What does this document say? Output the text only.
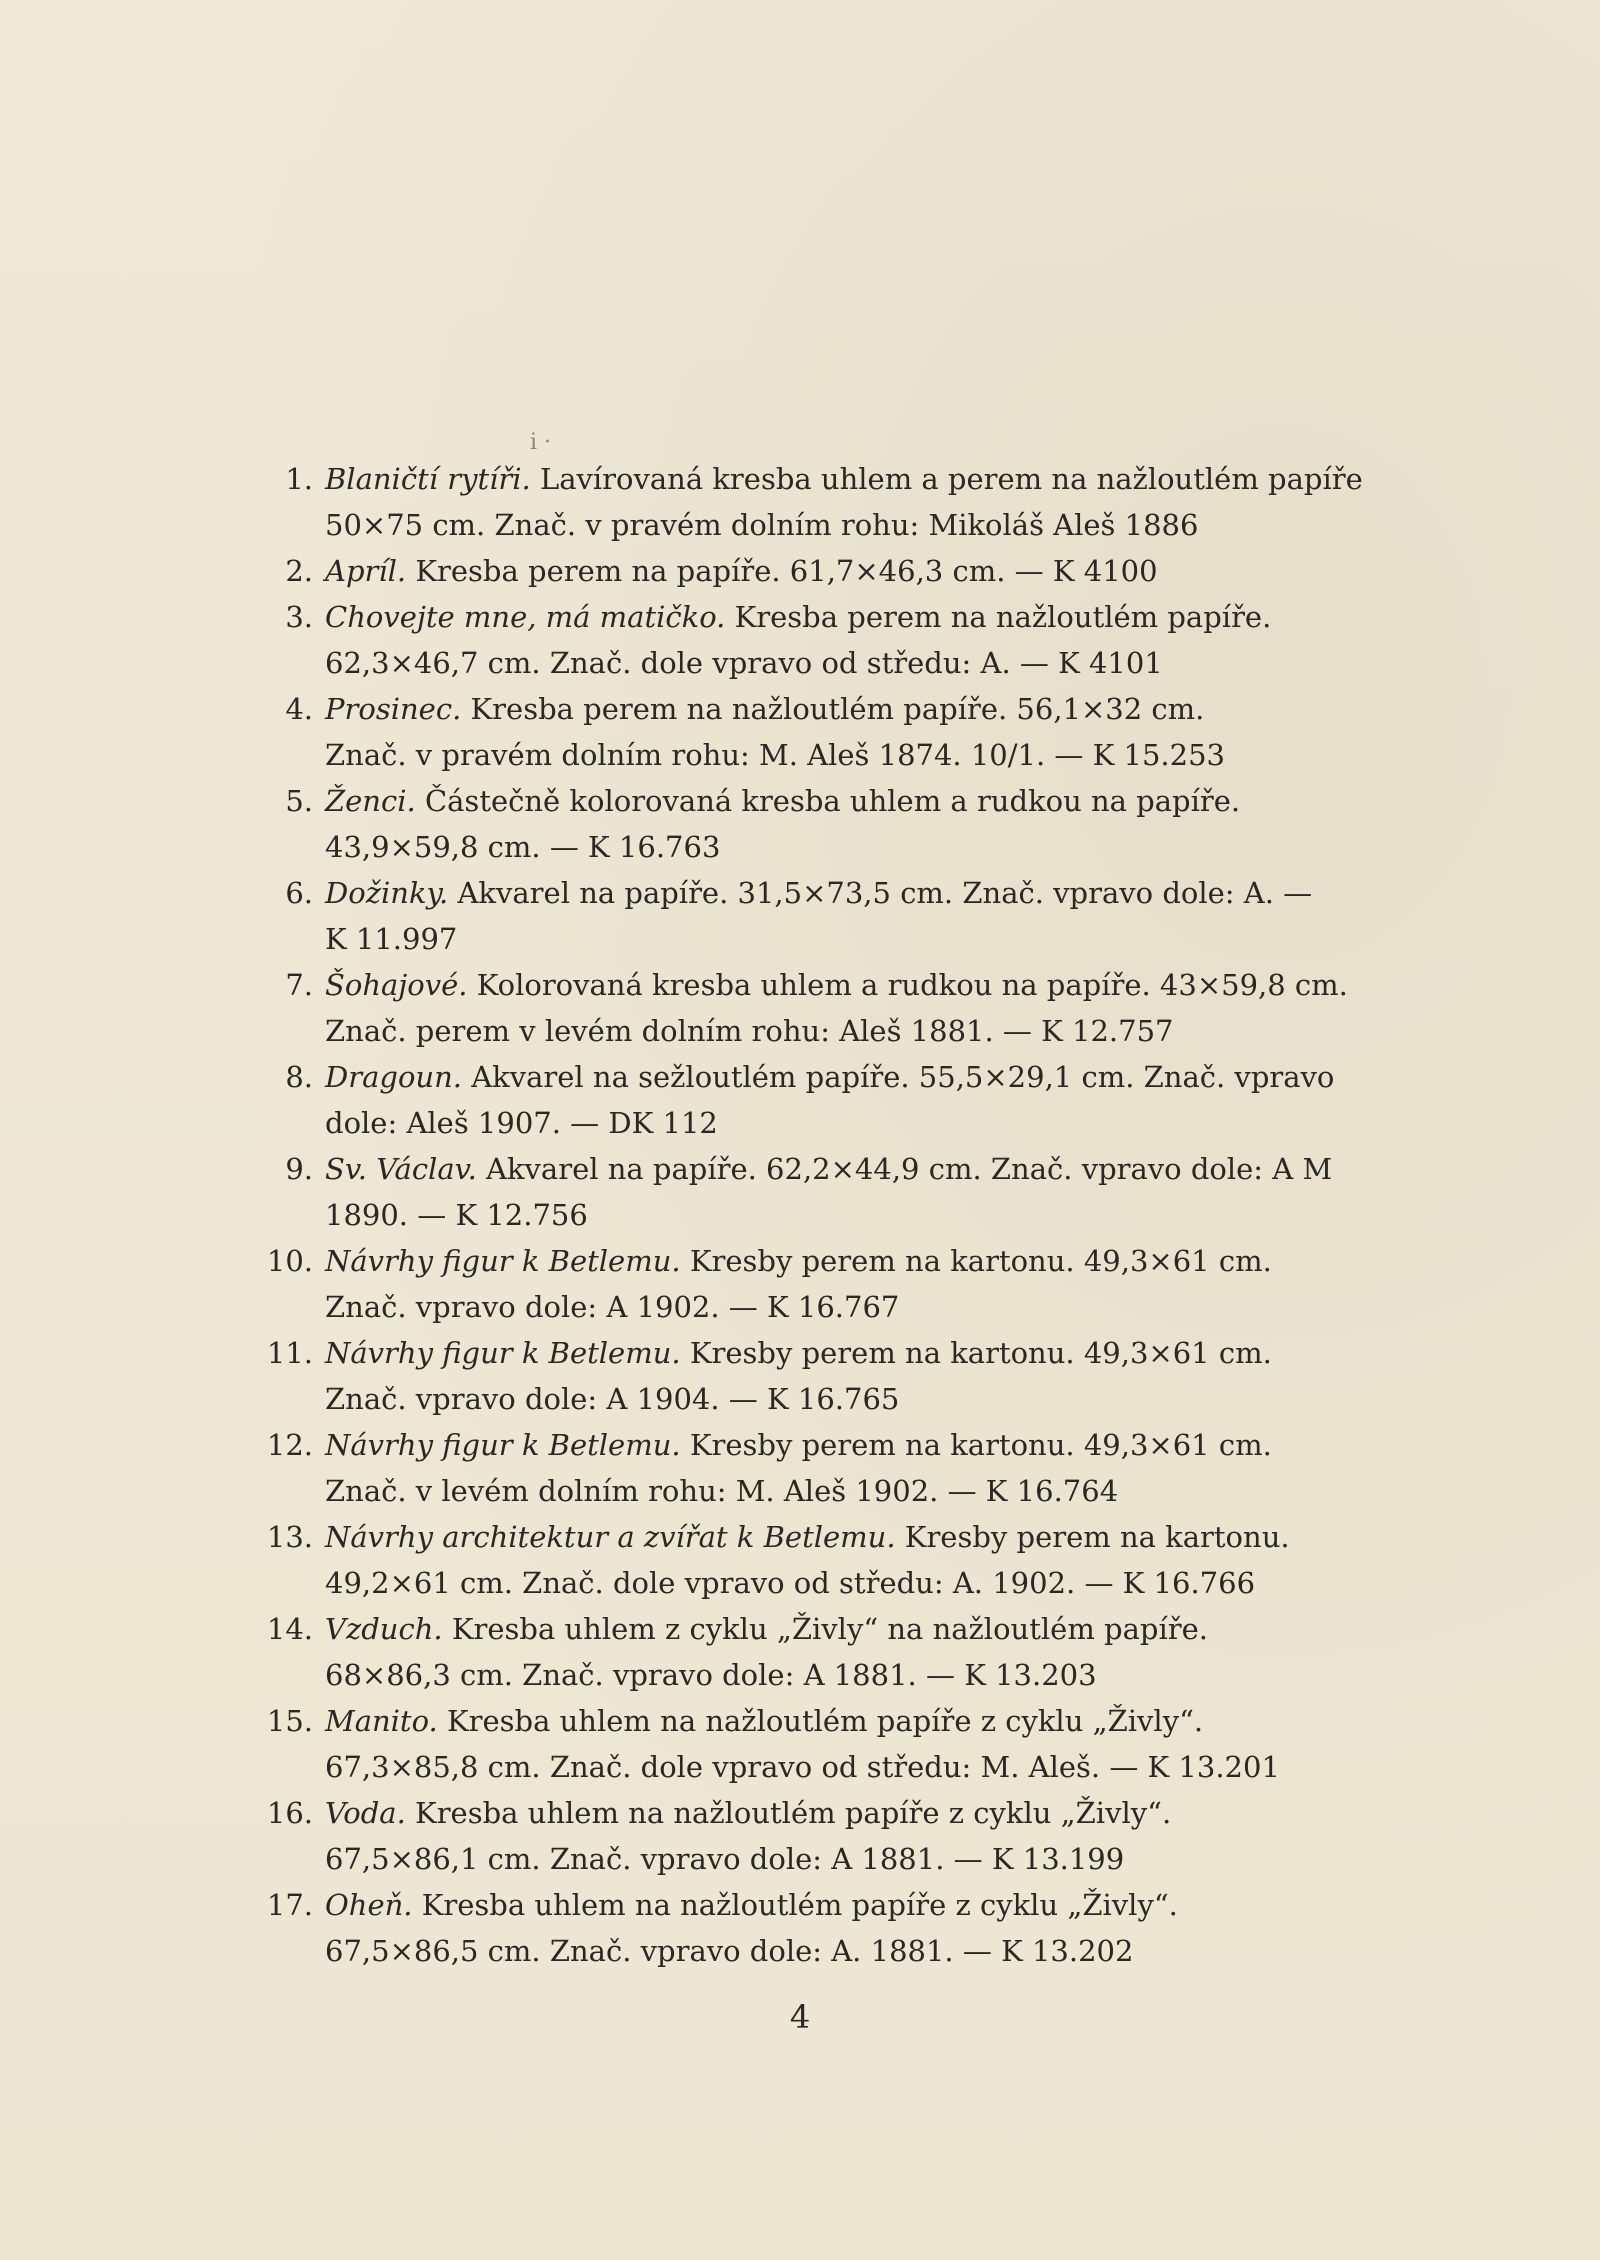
i ·
1. Blaničtí rytíři. Lavírovaná kresba uhlem a perem na nažloutlém papíře
50×75 cm. Znač. v pravém dolním rohu: Mikoláš Aleš 1886
2. Apríl. Kresba perem na papíře. 61,7×46,3 cm. — K 4100
3. Chovejte mne, má matičko. Kresba perem na nažloutlém papíře.
62,3×46,7 cm. Znač. dole vpravo od středu: A. — K 4101
4. Prosinec. Kresba perem na nažloutlém papíře. 56,1×32 cm.
Znač. v pravém dolním rohu: M. Aleš 1874. 10/1. — K 15.253
5. Ženci. Částečně kolorovaná kresba uhlem a rudkou na papíře.
43,9×59,8 cm. — K 16.763
6. Dožinky. Akvarel na papíře. 31,5×73,5 cm. Znač. vpravo dole: A. —
K 11.997
7. Šohajové. Kolorovaná kresba uhlem a rudkou na papíře. 43×59,8 cm.
Znač. perem v levém dolním rohu: Aleš 1881. — K 12.757
8. Dragoun. Akvarel na sežloutlém papíře. 55,5×29,1 cm. Znač. vpravo
dole: Aleš 1907. — DK 112
9. Sv. Václav. Akvarel na papíře. 62,2×44,9 cm. Znač. vpravo dole: A M
1890. — K 12.756
10. Návrhy figur k Betlemu. Kresby perem na kartonu. 49,3×61 cm.
Znač. vpravo dole: A 1902. — K 16.767
11. Návrhy figur k Betlemu. Kresby perem na kartonu. 49,3×61 cm.
Znač. vpravo dole: A 1904. — K 16.765
12. Návrhy figur k Betlemu. Kresby perem na kartonu. 49,3×61 cm.
Znač. v levém dolním rohu: M. Aleš 1902. — K 16.764
13. Návrhy architektur a zvířat k Betlemu. Kresby perem na kartonu.
49,2×61 cm. Znač. dole vpravo od středu: A. 1902. — K 16.766
14. Vzduch. Kresba uhlem z cyklu „Živly“ na nažloutlém papíře.
68×86,3 cm. Znač. vpravo dole: A 1881. — K 13.203
15. Manito. Kresba uhlem na nažloutlém papíře z cyklu „Živly“.
67,3×85,8 cm. Znač. dole vpravo od středu: M. Aleš. — K 13.201
16. Voda. Kresba uhlem na nažloutlém papíře z cyklu „Živly“.
67,5×86,1 cm. Znač. vpravo dole: A 1881. — K 13.199
17. Oheň. Kresba uhlem na nažloutlém papíře z cyklu „Živly“.
67,5×86,5 cm. Znač. vpravo dole: A. 1881. — K 13.202
4
